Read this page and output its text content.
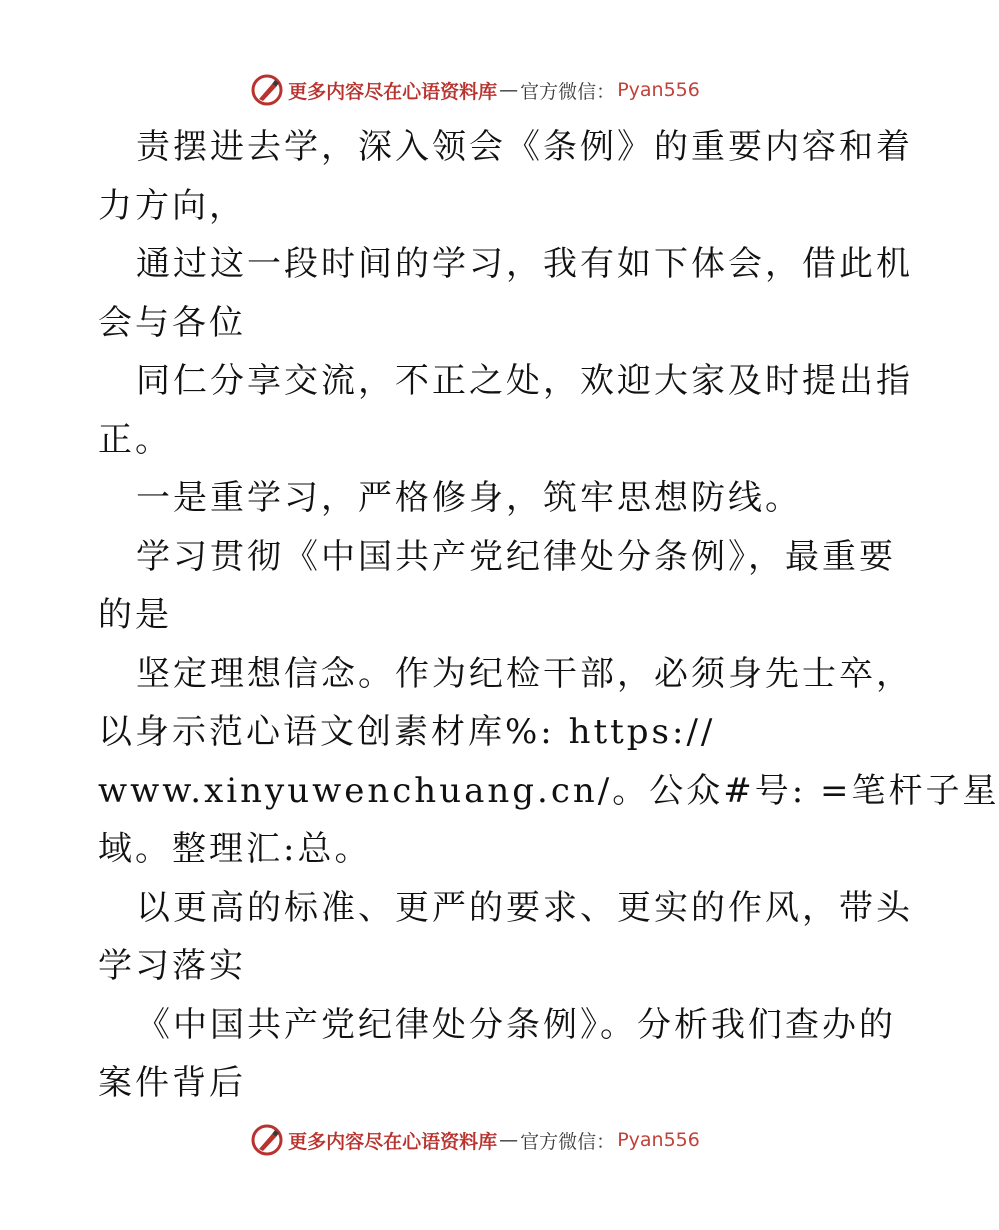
更多内容尽在心语资料库 — 官方微信： Pyan556
责摆进去学，深入领会《条例》的重要内容和着
力方向，
通过这一段时间的学习，我有如下体会，借此机
会与各位
同仁分享交流，不正之处，欢迎大家及时提出指
正。
一是重学习，严格修身，筑牢思想防线。
学习贯彻《中国共产党纪律处分条例》，最重要
的是
坚定理想信念。作为纪检干部，必须身先士卒，
以身示范心语文创素材库%: https://
www.xinyuwenchuang.cn/。公众#号: =笔杆子星
域。整理汇:总。
以更高的标准、更严的要求、更实的作风，带头
学习落实
《中国共产党纪律处分条例》。分析我们查办的
案件背后
更多内容尽在心语资料库 — 官方微信： Pyan556
